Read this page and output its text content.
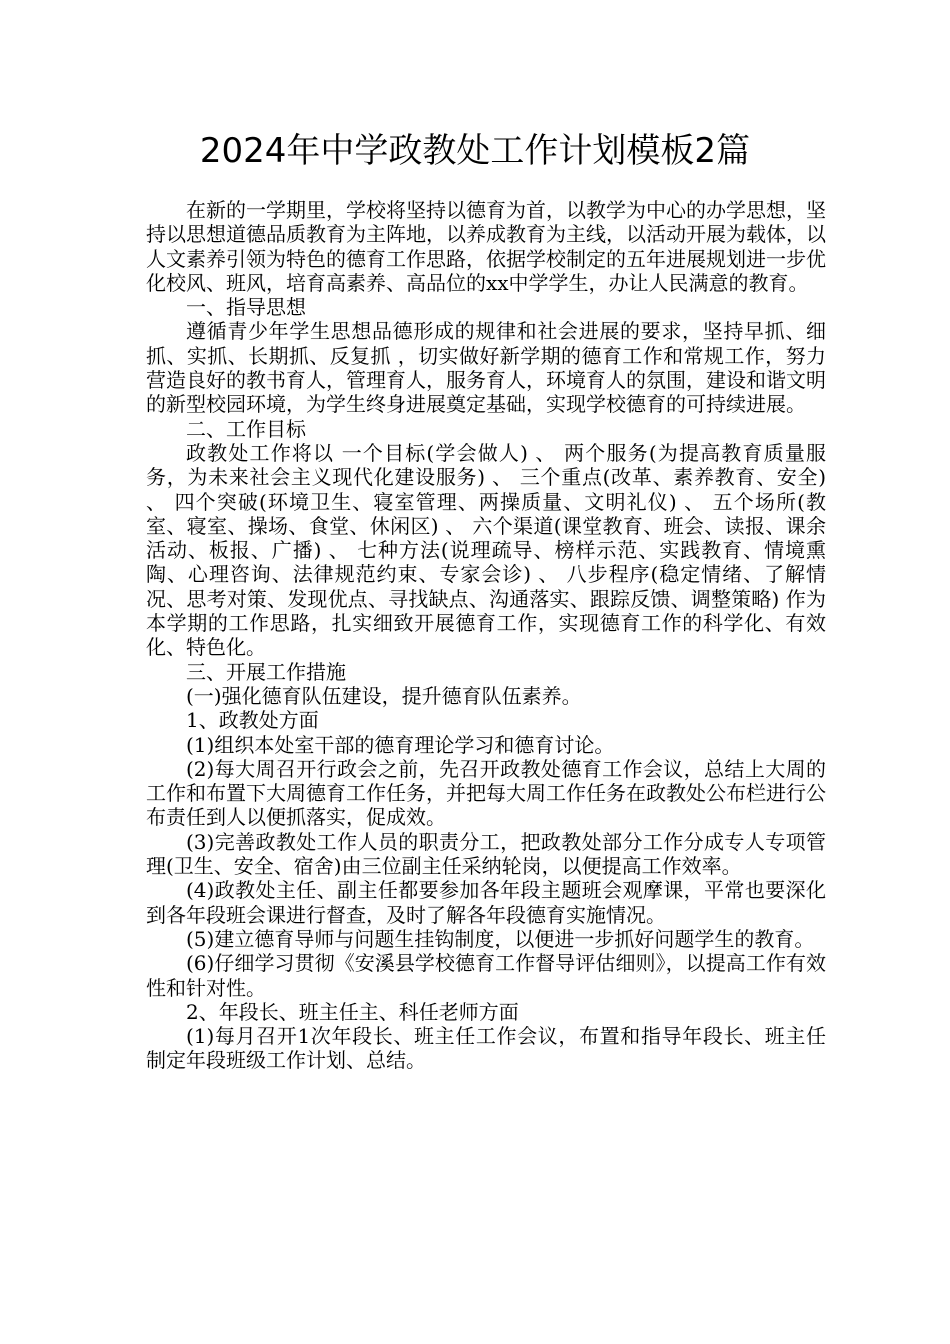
2024年中学政教处工作计划模板2篇

在新的一学期里，学校将坚持以德育为首，以教学为中心的办学思想，坚持以思想道德品质教育为主阵地，以养成教育为主线，以活动开展为载体，以人文素养引领为特色的德育工作思路，依据学校制定的五年进展规划进一步优化校风、班风，培育高素养、高品位的xx中学学生，办让人民满意的教育。

一、指导思想

遵循青少年学生思想品德形成的规律和社会进展的要求，坚持早抓、细抓、实抓、长期抓、反复抓 ，切实做好新学期的德育工作和常规工作，努力营造良好的教书育人，管理育人，服务育人，环境育人的氛围，建设和谐文明的新型校园环境，为学生终身进展奠定基础，实现学校德育的可持续进展。

二、工作目标

政教处工作将以 一个目标(学会做人) 、 两个服务(为提高教育质量服务，为未来社会主义现代化建设服务) 、 三个重点(改革、素养教育、安全) 、 四个突破(环境卫生、寝室管理、两操质量、文明礼仪) 、 五个场所(教室、寝室、操场、食堂、休闲区) 、 六个渠道(课堂教育、班会、读报、课余活动、板报、广播) 、 七种方法(说理疏导、榜样示范、实践教育、情境熏陶、心理咨询、法律规范约束、专家会诊) 、 八步程序(稳定情绪、了解情况、思考对策、发现优点、寻找缺点、沟通落实、跟踪反馈、调整策略) 作为本学期的工作思路，扎实细致开展德育工作，实现德育工作的科学化、有效化、特色化。

三、开展工作措施

(一)强化德育队伍建设，提升德育队伍素养。

1、政教处方面

(1)组织本处室干部的德育理论学习和德育讨论。

(2)每大周召开行政会之前，先召开政教处德育工作会议，总结上大周的工作和布置下大周德育工作任务，并把每大周工作任务在政教处公布栏进行公布责任到人以便抓落实，促成效。

(3)完善政教处工作人员的职责分工，把政教处部分工作分成专人专项管理(卫生、安全、宿舍)由三位副主任采纳轮岗，以便提高工作效率。

(4)政教处主任、副主任都要参加各年段主题班会观摩课，平常也要深化到各年段班会课进行督查，及时了解各年段德育实施情况。

(5)建立德育导师与问题生挂钩制度，以便进一步抓好问题学生的教育。

(6)仔细学习贯彻《安溪县学校德育工作督导评估细则》，以提高工作有效性和针对性。

2、年段长、班主任主、科任老师方面

(1)每月召开1次年段长、班主任工作会议，布置和指导年段长、班主任制定年段班级工作计划、总结。
